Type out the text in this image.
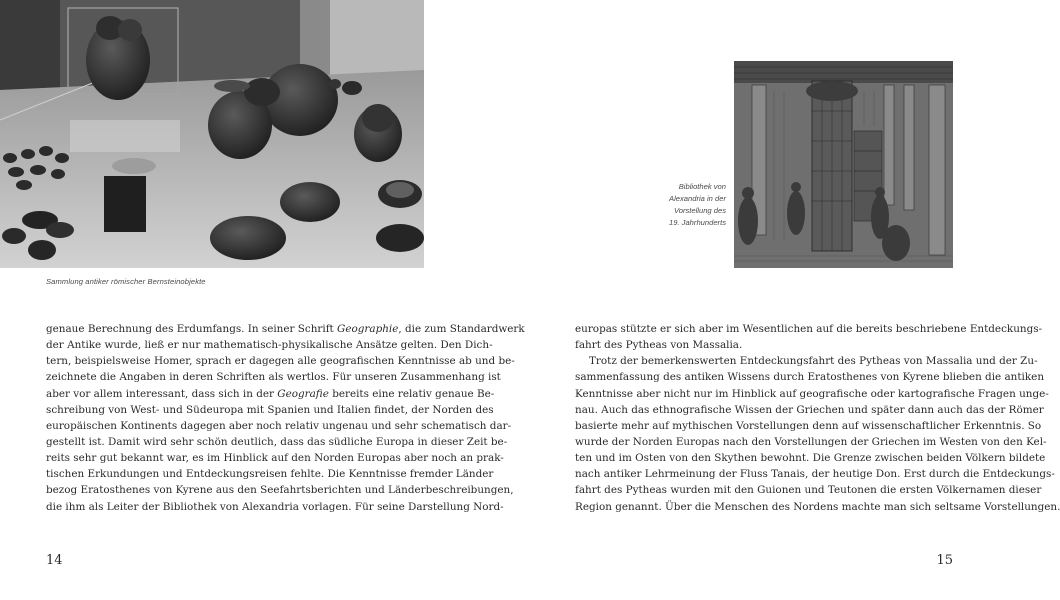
Sammlung antiker römischer Bernsteinobjekte
genaue Berechnung des Erdumfangs. In seiner Schrift Geographie, die zum Standardwerk
der Antike wurde, ließ er nur mathematisch-physikalische Ansätze gelten. Den Dich-
tern, beispielsweise Homer, sprach er dagegen alle geografischen Kenntnisse ab und be-
zeichnete die Angaben in deren Schriften als wertlos. Für unseren Zusammenhang ist
aber vor allem interessant, dass sich in der Geografie bereits eine relativ genaue Be-
schreibung von West- und Südeuropa mit Spanien und Italien findet, der Norden des
europäischen Kontinents dagegen aber noch relativ ungenau und sehr schematisch dar-
gestellt ist. Damit wird sehr schön deutlich, dass das südliche Europa in dieser Zeit be-
reits sehr gut bekannt war, es im Hinblick auf den Norden Europas aber noch an prak-
tischen Erkundungen und Entdeckungsreisen fehlte. Die Kenntnisse fremder Länder
bezog Eratosthenes von Kyrene aus den Seefahrtsberichten und Länderbeschreibungen,
die ihm als Leiter der Bibliothek von Alexandria vorlagen. Für seine Darstellung Nord-
14
Bibliothek von
Alexandria in der
Vorstellung des
19. Jahrhunderts
europas stützte er sich aber im Wesentlichen auf die bereits beschriebene Entdeckungs-
fahrt des Pytheas von Massalia.
Trotz der bemerkenswerten Entdeckungsfahrt des Pytheas von Massalia und der Zu-
sammenfassung des antiken Wissens durch Eratosthenes von Kyrene blieben die antiken
Kenntnisse aber nicht nur im Hinblick auf geografische oder kartografische Fragen unge-
nau. Auch das ethnografische Wissen der Griechen und später dann auch das der Römer
basierte mehr auf mythischen Vorstellungen denn auf wissenschaftlicher Erkenntnis. So
wurde der Norden Europas nach den Vorstellungen der Griechen im Westen von den Kel-
ten und im Osten von den Skythen bewohnt. Die Grenze zwischen beiden Völkern bildete
nach antiker Lehrmeinung der Fluss Tanais, der heutige Don. Erst durch die Entdeckungs-
fahrt des Pytheas wurden mit den Guionen und Teutonen die ersten Völkernamen dieser
Region genannt. Über die Menschen des Nordens machte man sich seltsame Vorstellungen.
15
